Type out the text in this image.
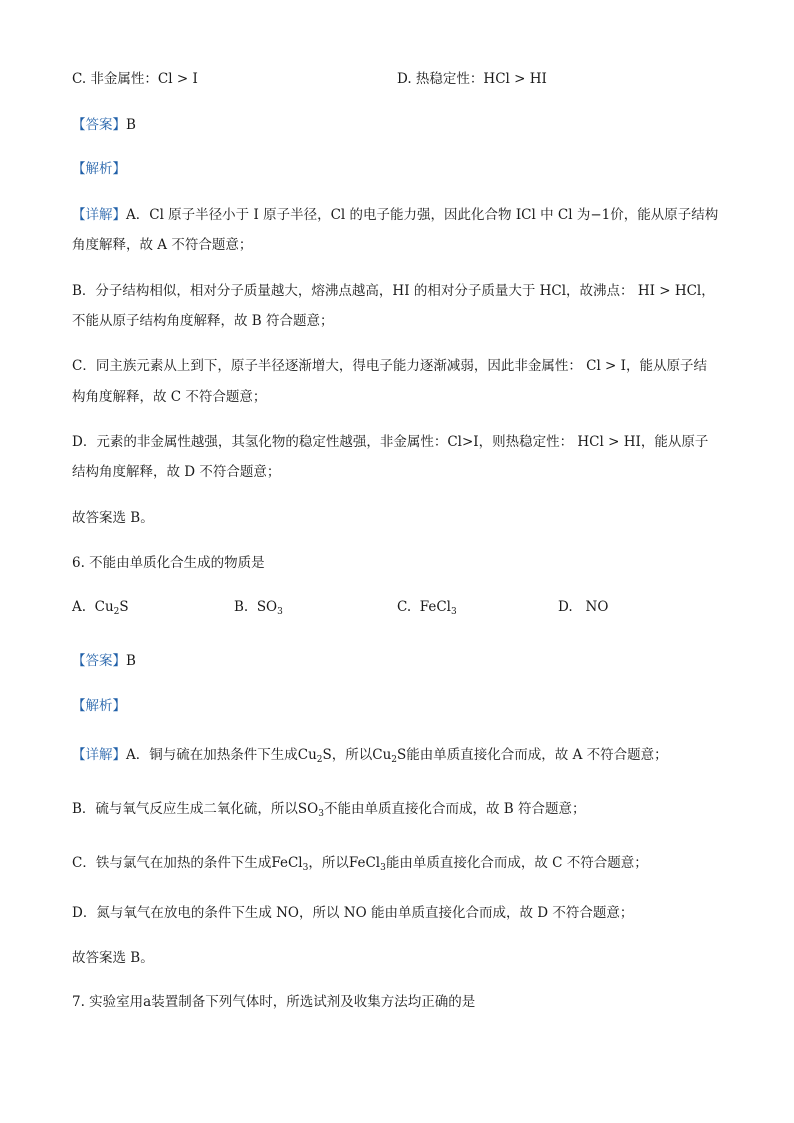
C. 非金属性：Cl > I	D. 热稳定性：HCl > HI
【答案】B
【解析】
【详解】A．Cl 原子半径小于 I 原子半径，Cl 的电子能力强，因此化合物 ICl 中 Cl 为−1价，能从原子结构
角度解释，故 A 不符合题意；
B．分子结构相似，相对分子质量越大，熔沸点越高，HI 的相对分子质量大于 HCl，故沸点： HI > HCl，
不能从原子结构角度解释，故 B 符合题意；
C．同主族元素从上到下，原子半径逐渐增大，得电子能力逐渐减弱，因此非金属性： Cl > I，能从原子结
构角度解释，故 C 不符合题意；
D．元素的非金属性越强，其氢化物的稳定性越强，非金属性：Cl>I，则热稳定性： HCl > HI，能从原子
结构角度解释，故 D 不符合题意；
故答案选 B。
6. 不能由单质化合生成的物质是
A. $Cu_2S$	B. $SO_3$	C. FeCl$_3$	D. NO
【答案】B
【解析】
【详解】A．铜与硫在加热条件下生成$Cu_2S$，所以$Cu_2S$能由单质直接化合而成，故 A 不符合题意；
B．硫与氧气反应生成二氧化硫，所以$SO_3$不能由单质直接化合而成，故 B 符合题意；
C．铁与氯气在加热的条件下生成FeCl$_3$，所以FeCl$_3$能由单质直接化合而成，故 C 不符合题意；
D．氮与氧气在放电的条件下生成 NO，所以 NO 能由单质直接化合而成，故 D 不符合题意；
故答案选 B。
7. 实验室用a装置制备下列气体时，所选试剂及收集方法均正确的是
